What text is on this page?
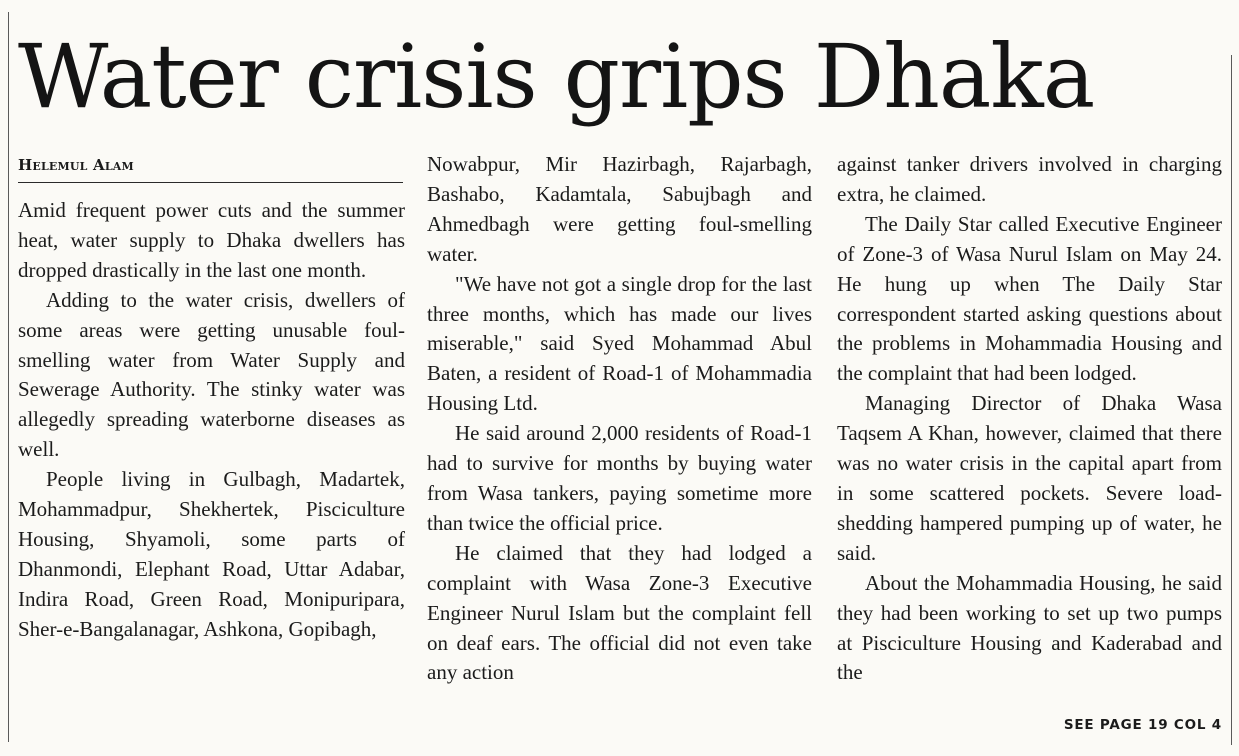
Water crisis grips Dhaka
Helemul Alam

Amid frequent power cuts and the summer heat, water supply to Dhaka dwellers has dropped drastically in the last one month.

Adding to the water crisis, dwellers of some areas were getting unusable foul-smelling water from Water Supply and Sewerage Authority. The stinky water was allegedly spreading waterborne diseases as well.

People living in Gulbagh, Madartek, Mohammadpur, Shekhertek, Pisciculture Housing, Shyamoli, some parts of Dhanmondi, Elephant Road, Uttar Adabar, Indira Road, Green Road, Monipuripara, Sher-e-Bangalanagar, Ashkona, Gopibagh,

Nowabpur, Mir Hazirbagh, Rajarbagh, Bashabo, Kadamtala, Sabujbagh and Ahmedbagh were getting foul-smelling water.

"We have not got a single drop for the last three months, which has made our lives miserable," said Syed Mohammad Abul Baten, a resident of Road-1 of Mohammadia Housing Ltd.

He said around 2,000 residents of Road-1 had to survive for months by buying water from Wasa tankers, paying sometime more than twice the official price.

He claimed that they had lodged a complaint with Wasa Zone-3 Executive Engineer Nurul Islam but the complaint fell on deaf ears. The official did not even take any action

against tanker drivers involved in charging extra, he claimed.

The Daily Star called Executive Engineer of Zone-3 of Wasa Nurul Islam on May 24. He hung up when The Daily Star correspondent started asking questions about the problems in Mohammadia Housing and the complaint that had been lodged.

Managing Director of Dhaka Wasa Taqsem A Khan, however, claimed that there was no water crisis in the capital apart from in some scattered pockets. Severe load-shedding hampered pumping up of water, he said.

About the Mohammadia Housing, he said they had been working to set up two pumps at Pisciculture Housing and Kaderabad and the

SEE PAGE 19 COL 4
